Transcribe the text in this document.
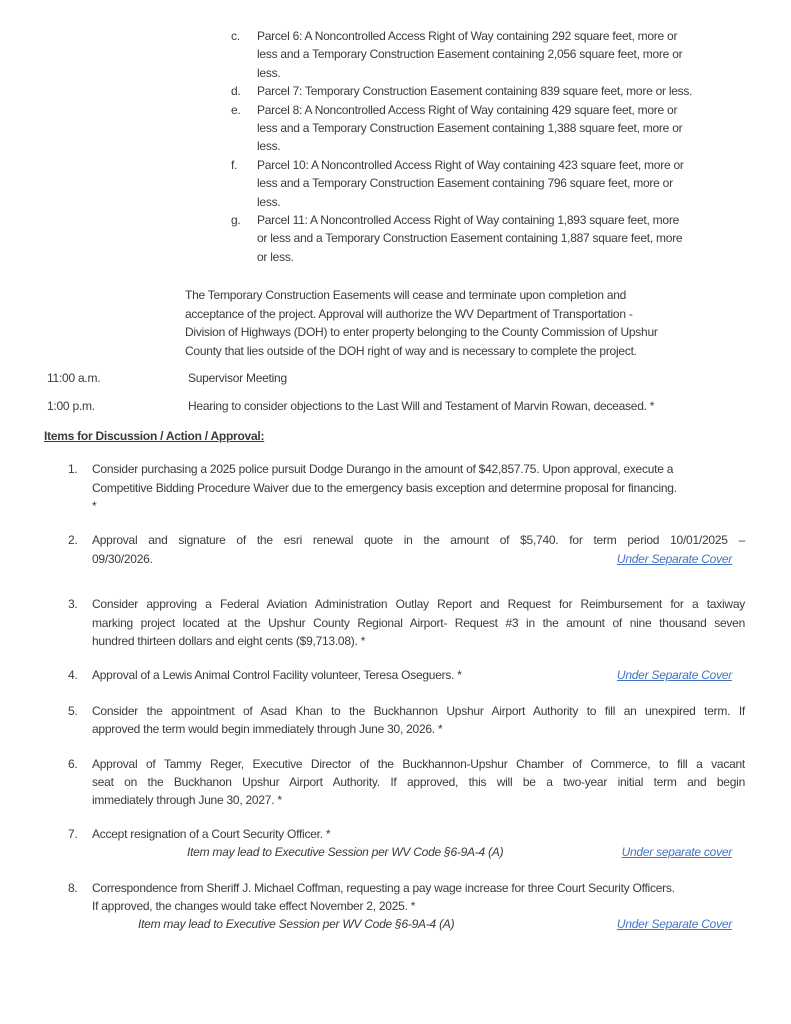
c.	Parcel 6: A Noncontrolled Access Right of Way containing 292 square feet, more or
less and a Temporary Construction Easement containing 2,056 square feet, more or
less.
d.	Parcel 7: Temporary Construction Easement containing 839 square feet, more or less.
e.	Parcel 8: A Noncontrolled Access Right of Way containing 429 square feet, more or
less and a Temporary Construction Easement containing 1,388 square feet, more or
less.
f.	Parcel 10: A Noncontrolled Access Right of Way containing 423 square feet, more or
less and a Temporary Construction Easement containing 796 square feet, more or
less.
g.	Parcel 11: A Noncontrolled Access Right of Way containing 1,893 square feet, more
or less and a Temporary Construction Easement containing 1,887 square feet, more
or less.
The Temporary Construction Easements will cease and terminate upon completion and
acceptance of the project. Approval will authorize the WV Department of Transportation -
Division of Highways (DOH) to enter property belonging to the County Commission of Upshur
County that lies outside of the DOH right of way and is necessary to complete the project.
11:00 a.m.	Supervisor Meeting
1:00 p.m.	Hearing to consider objections to the Last Will and Testament of Marvin Rowan, deceased. *
Items for Discussion / Action / Approval:
1.	Consider purchasing a 2025 police pursuit Dodge Durango in the amount of $42,857.75. Upon approval, execute a
Competitive Bidding Procedure Waiver due to the emergency basis exception and determine proposal for financing.
*
2.	Approval and signature of the esri renewal quote in the amount of $5,740. for term period 10/01/2025 –
09/30/2026.	Under Separate Cover
3.	Consider approving a Federal Aviation Administration Outlay Report and Request for Reimbursement for a taxiway
marking project located at the Upshur County Regional Airport- Request #3 in the amount of nine thousand seven
hundred thirteen dollars and eight cents ($9,713.08). *
4.	Approval of a Lewis Animal Control Facility volunteer, Teresa Oseguers. *	Under Separate Cover
5.	Consider the appointment of Asad Khan to the Buckhannon Upshur Airport Authority to fill an unexpired term. If
approved the term would begin immediately through June 30, 2026. *
6.	Approval of Tammy Reger, Executive Director of the Buckhannon-Upshur Chamber of Commerce, to fill a vacant
seat on the Buckhanon Upshur Airport Authority. If approved, this will be a two-year initial term and begin
immediately through June 30, 2027. *
7.	Accept resignation of a Court Security Officer. *
Item may lead to Executive Session per WV Code §6-9A-4 (A)	Under separate cover
8.	Correspondence from Sheriff J. Michael Coffman, requesting a pay wage increase for three Court Security Officers.
If approved, the changes would take effect November 2, 2025. *
Item may lead to Executive Session per WV Code §6-9A-4 (A)	Under Separate Cover
